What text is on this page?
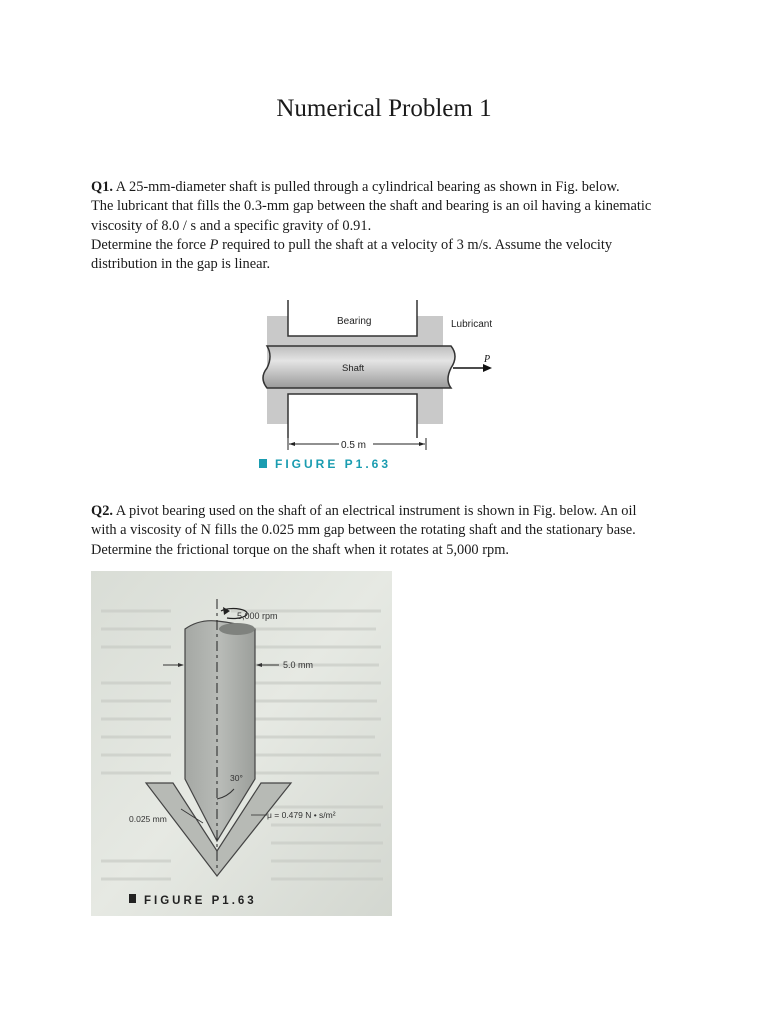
Numerical Problem 1
Q1. A 25-mm-diameter shaft is pulled through a cylindrical bearing as shown in Fig. below.
The lubricant that fills the 0.3-mm gap between the shaft and bearing is an oil having a kinematic
viscosity of 8.0 / s and a specific gravity of 0.91.
Determine the force P required to pull the shaft at a velocity of 3 m/s. Assume the velocity
distribution in the gap is linear.
Bearing	Lubricant
Shaft
P
0.5 m
FIGURE P1.63
Q2. A pivot bearing used on the shaft of an electrical instrument is shown in Fig. below. An oil
with a viscosity of N fills the 0.025 mm gap between the rotating shaft and the stationary base.
Determine the frictional torque on the shaft when it rotates at 5,000 rpm.
5,000 rpm
5.0 mm
30°
0.025 mm	μ = 0.479 N • s/m²
FIGURE P1.63
